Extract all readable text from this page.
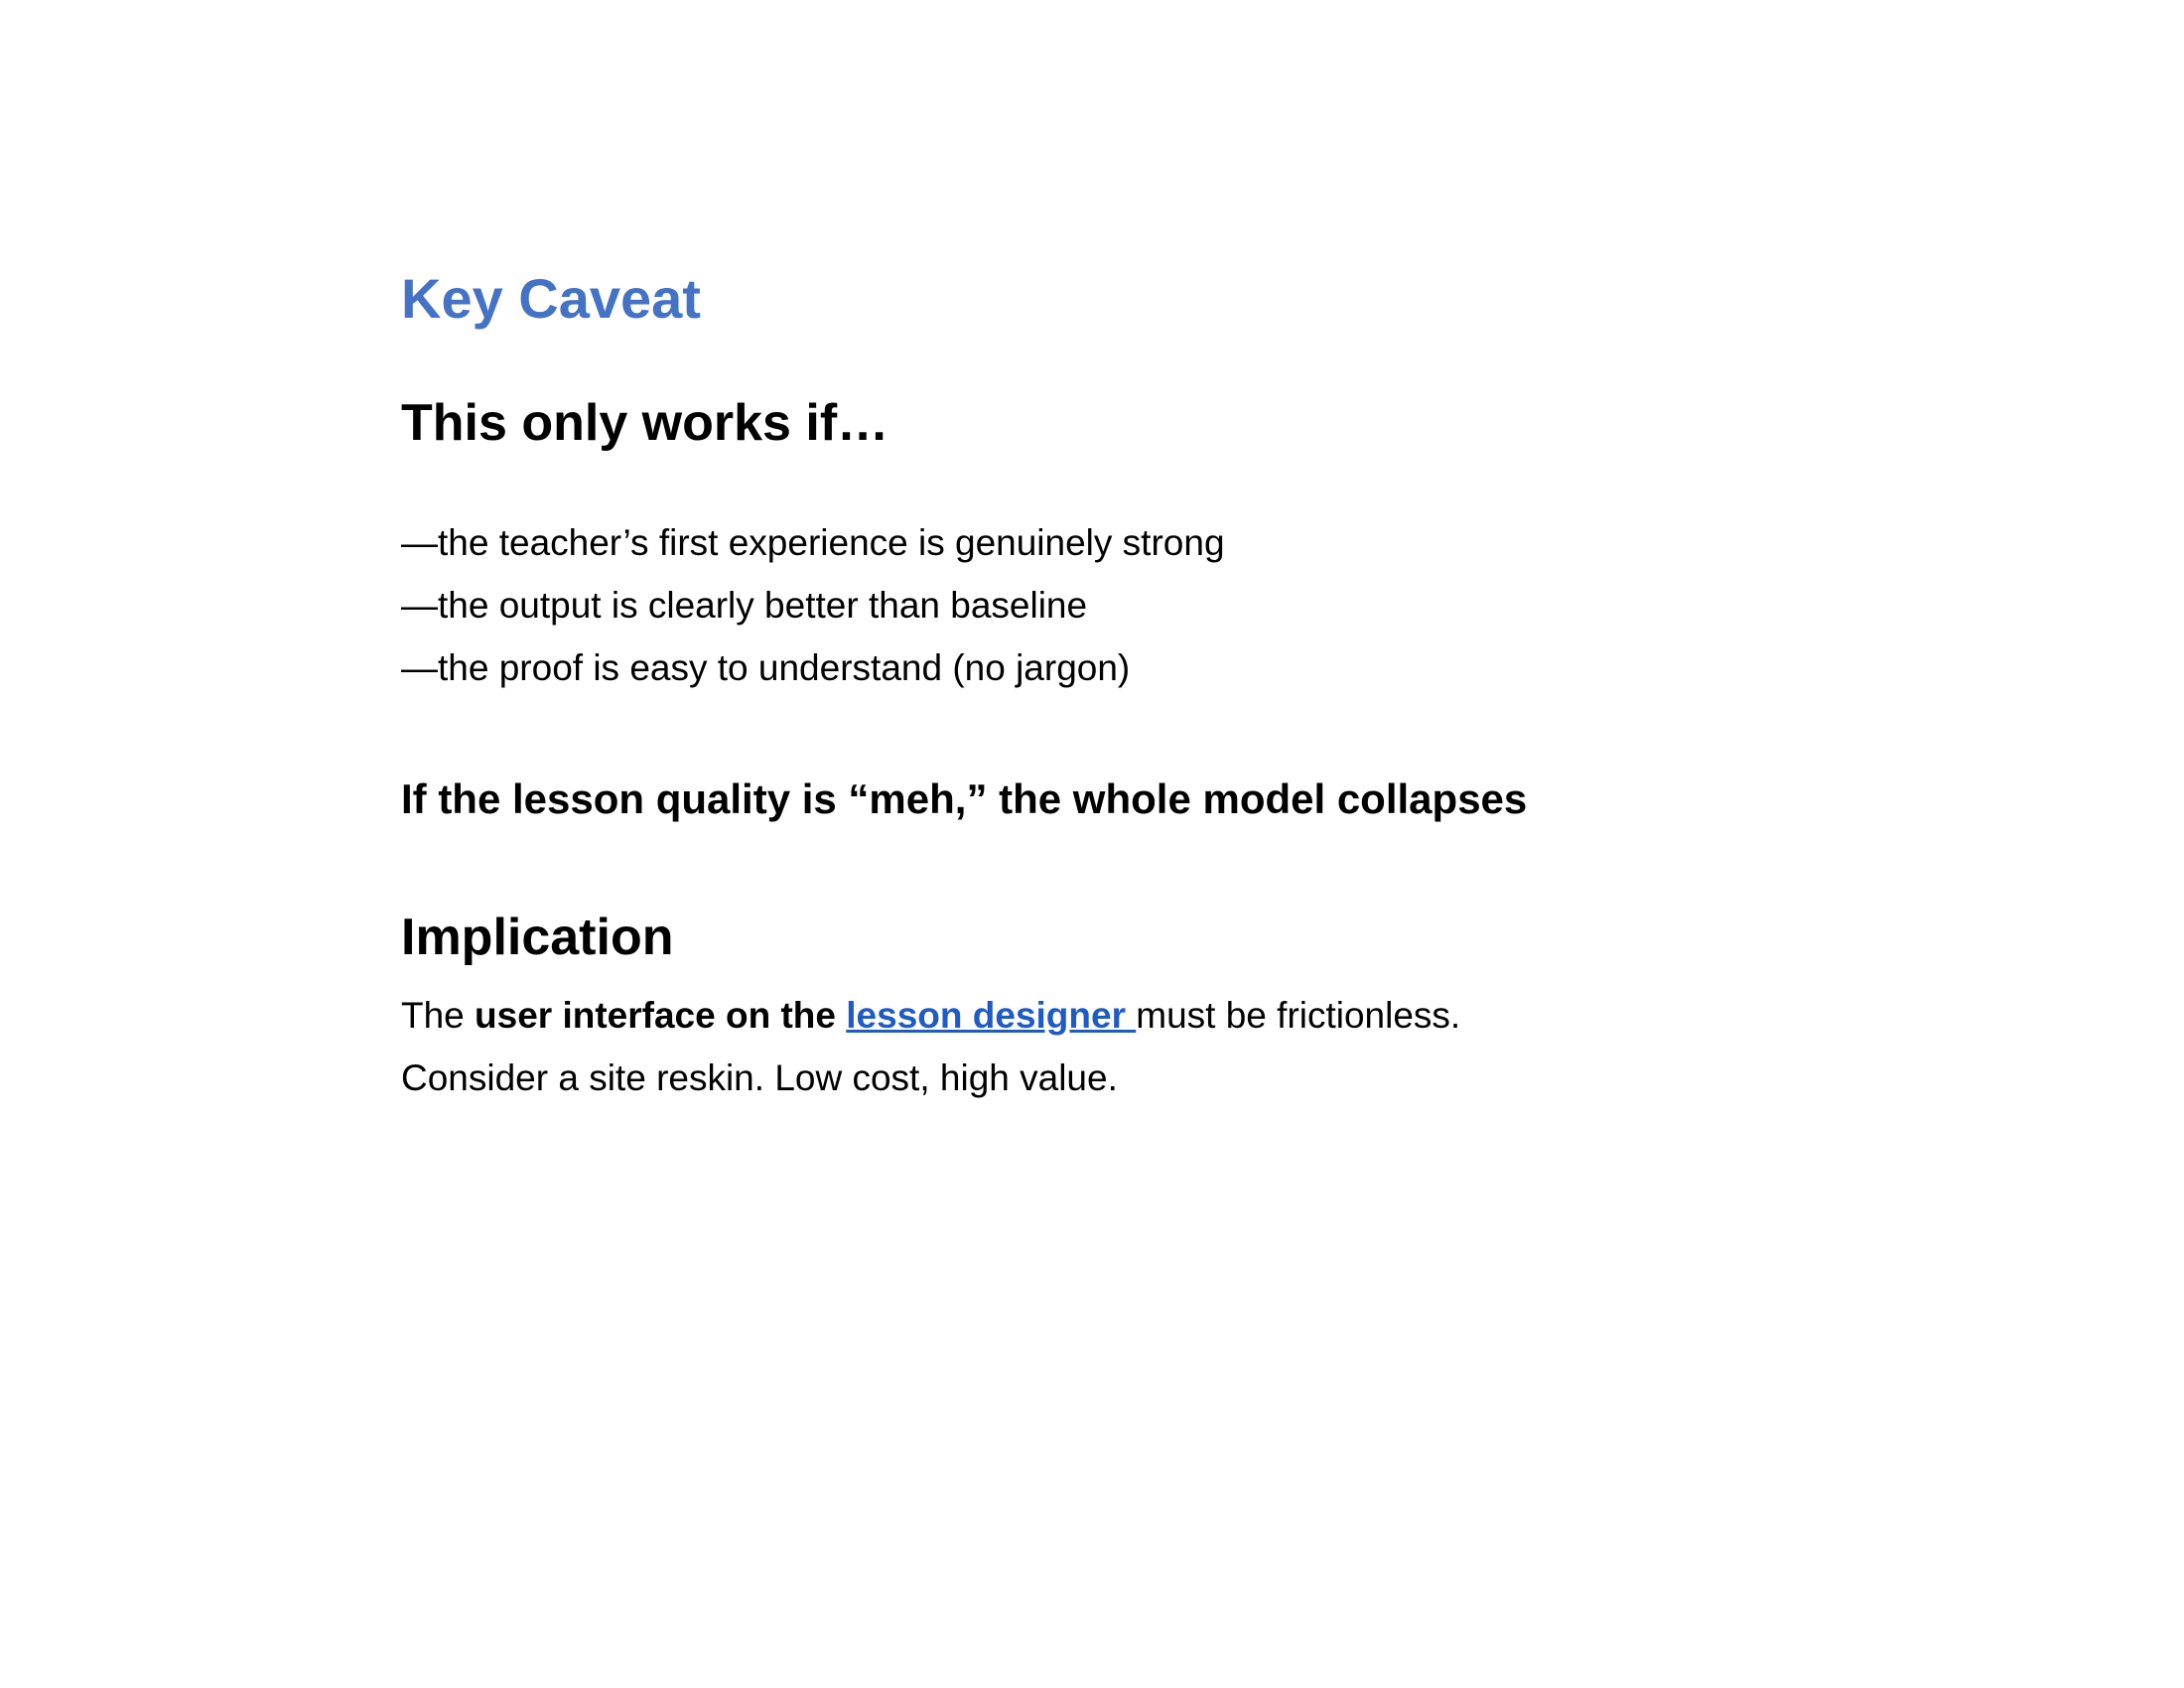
Key Caveat
This only works if…
—the teacher’s first experience is genuinely strong
—the output is clearly better than baseline
—the proof is easy to understand (no jargon)
If the lesson quality is “meh,” the whole model collapses
Implication
The user interface on the lesson designer must be frictionless.
Consider a site reskin. Low cost, high value.
